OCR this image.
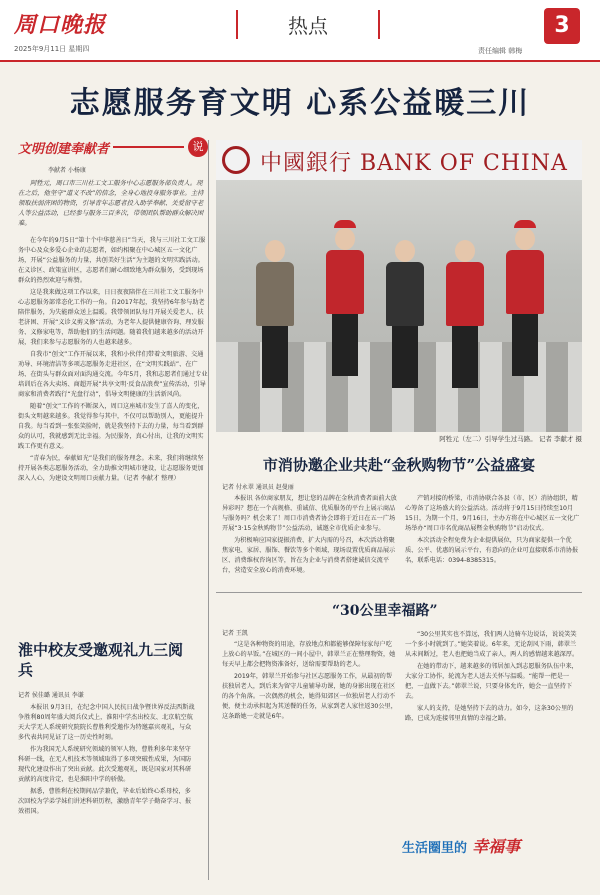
周口晚报
2025年9月11日 星期四
热点
责任编辑 韩梅
3
志愿服务育文明 心系公益暖三川
文明创建奉献者	说
李献者 小杨康
阿牲元，周口市三川社工文工服务中心志愿服务部负责人。现在之后，他坚守“道义不改”的信念，全身心地投身服务事业。主持领取扶弱济困的物资，引导青年志愿者投入助学奉献、关爱留守老人等公益活动，已经参与服务三百多次，带领团队帮助群众解决困难。

在今年的9月5日“第十个中华慈善日”当天，我与三川社工文工服务中心及众多爱心企业的志愿者，如约相聚在中心城区五一文化广场，开展“公益服务的力量，共创美好生活”为主题的文明实践活动。在义诊区、政策宣讲区，志愿者们耐心细致地为群众服务，受到现场群众的热烈欢迎与称赞。

这是我来做这项工作以来，日日夜夜陪伴在三川社工文工服务中心志愿服务部常态化工作的一角。自2017年起，我坚持6年参与助老陪伴服务，为失能群众送上温暖。我带领团队每月开展关爱老人、扶老济困、开展“义诊义剪义修”活动，为老年人提供健康咨询、理发服务、义修家电等，帮助他们的生活问题。随着我们越来越多的活动开展，我们来参与志愿服务的人也越来越多。

自我市“创文”工作开展以来，我和小伙伴们带着文明旅游、交通劝导、环境清洁等多项志愿服务走进社区，在“文明实践站”、在广场、在街头与群众面对面沟通交流。今年5月，我和志愿者们通过专业培训后在各大卖场、商超开展“共享文明·反食品浪费”宣传活动，引导商家和消费者践行“光盘行动”，倡导文明健康的生活新风尚。

随着“创文”工作的不断深入，周口这座城市发生了喜人的变化，街头文明越来越多。我觉得参与其中，不仅可以帮助别人，更能提升自我。每当看到一张张笑脸时，就是我坚持下去的力量，每当看到群众的认可，我就感到无比幸福。为民服务，真心付出，让我的文明实践工作更有意义。

“青春为民，奉献如光”是我们的服务理念。未来，我们将继续坚持开展各类志愿服务活动，全力助推文明城市建设，让志愿服务更加深入人心，为建设文明周口贡献力量。（记者 李献才 整理）

中國銀行 BANK OF CHINA
阿牲元（左二）引导学生过马路。 记者 李献才 摄
市消协邀企业共赴“金秋购物节”公益盛宴
记者 付永翠 通讯员 赵曼丽

本报讯 各位商家朋友，想让您的品牌在金秋消费者面前大放异彩吗？想在一个高规格、重诚信、优质服务的平台上展示商品与服务吗？机会来了！周口市消费者协会即将于近日在五一广场开展“3·15金秋购物节”公益活动，诚邀全市优质企业参与。

为积极响应国家提振消费、扩大内需的号召，本次活动将聚焦家电、家居、服饰、餐饮等多个领域，现场设置优质商品展示区、消费维权咨询区等，旨在为企业与消费者搭建诚信交流平台，营造安全放心的消费环境。

产销对接的桥梁，市消协联合各县（市、区）消协组织，精心筹备了这场盛大的公益活动。活动将于9月15日持续至10月15日，为期一个月，9月16日，主办方将在中心城区五一文化广场举办“周口市名优商品展暨金秋购物节”启动仪式。

本次活动全程免费为企业提供展位，只为商家提供一个优质、公平、优惠的展示平台，有意向的企业可直接联系市消协报名，联系电话：0394-8385315。

“30公里幸福路”
记者 王凯

“这是各种物资的用途，存放地点和都能够保障每家每户吃上放心的早饭。”在城区的一间小屋中，韩翠兰正在整理物资，她每天早上都会把物资准备好，送给需要帮助的老人。

2019年，韩翠兰开始参与社区志愿服务工作，从最初的帮扶独居老人，到后来为留守儿童辅导功课，她的身影出现在社区的各个角落。一次偶然的机会，她得知郊区一位独居老人行动不便，便主动承担起为其送餐的任务，从家到老人家往返30公里，这条路她一走就是6年。

“30公里其实也不算远，我们两人边骑车边说话，说说笑笑一个多小时就到了。”她笑着说。6年来，无论刮风下雨，韩翠兰从未间断过，老人也把她当成了亲人，两人的感情越来越深厚。

在她的带动下，越来越多的邻居加入到志愿服务队伍中来，大家分工协作，轮流为老人送去关怀与温暖。“能帮一把是一把，一直做下去。”韩翠兰说，只要身体允许，她会一直坚持下去。

家人的支持，是她坚持下去的动力。如今，这条30公里的路，已成为连接邻里真情的幸福之路。

淮中校友受邀观礼九三阅兵
记者 侯佳璐 通讯员 李谦

本报讯 9月3日，在纪念中国人民抗日战争暨世界反法西斯战争胜利80周年盛大阅兵仪式上，淮阳中学杰出校友、北京航空航天大学无人系统研究院院长曹胜利受邀作为特邀嘉宾观礼，与众多代表共同见证了这一历史性时刻。

作为我国无人系统研究领域的领军人物，曹胜利多年来坚守科研一线，在无人机技术等领域取得了多项突破性成果，为国防现代化建设作出了突出贡献。此次受邀观礼，既是国家对其科研贡献的高度肯定，也是淮阳中学的骄傲。

据悉，曹胜利在校期间品学兼优，毕业后始终心系母校，多次回校为学弟学妹们讲述科研历程，激励青年学子勤奋学习、报效祖国。

生活圈里的 幸福事
